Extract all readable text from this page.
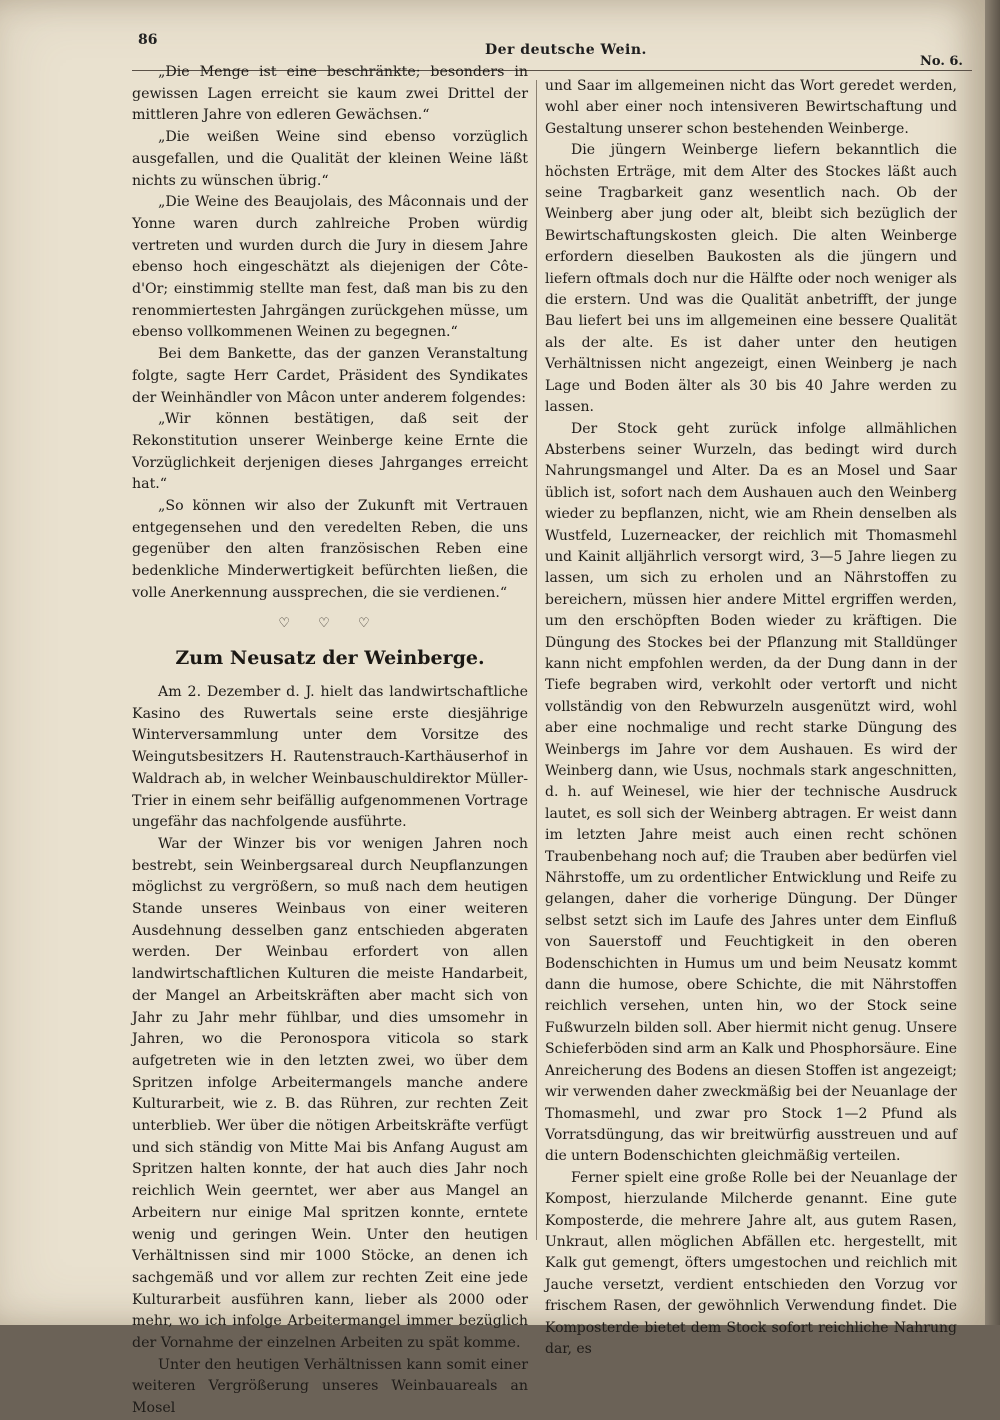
86
Der deutsche Wein.
No. 6.

„Die Menge ist eine beschränkte; besonders in gewissen Lagen erreicht sie kaum zwei Drittel der mittleren Jahre von edleren Gewächsen.“

„Die weißen Weine sind ebenso vorzüglich ausgefallen, und die Qualität der kleinen Weine läßt nichts zu wünschen übrig.“

„Die Weine des Beaujolais, des Mâconnais und der Yonne waren durch zahlreiche Proben würdig vertreten und wurden durch die Jury in diesem Jahre ebenso hoch eingeschätzt als diejenigen der Côte-d'Or; einstimmig stellte man fest, daß man bis zu den renommiertesten Jahrgängen zurückgehen müsse, um ebenso vollkommenen Weinen zu begegnen.“

Bei dem Bankette, das der ganzen Veranstaltung folgte, sagte Herr Cardet, Präsident des Syndikates der Weinhändler von Mâcon unter anderem folgendes:

„Wir können bestätigen, daß seit der Rekonstitution unserer Weinberge keine Ernte die Vorzüglichkeit derjenigen dieses Jahrganges erreicht hat.“

„So können wir also der Zukunft mit Vertrauen entgegensehen und den veredelten Reben, die uns gegenüber den alten französischen Reben eine bedenkliche Minderwertigkeit befürchten ließen, die volle Anerkennung aussprechen, die sie verdienen.“

♡ ♡ ♡
Zum Neusatz der Weinberge.

Am 2. Dezember d. J. hielt das landwirtschaftliche Kasino des Ruwertals seine erste diesjährige Winterversammlung unter dem Vorsitze des Weingutsbesitzers H. Rautenstrauch-Karthäuserhof in Waldrach ab, in welcher Weinbauschuldirektor Müller-Trier in einem sehr beifällig aufgenommenen Vortrage ungefähr das nachfolgende ausführte.

War der Winzer bis vor wenigen Jahren noch bestrebt, sein Weinbergsareal durch Neupflanzungen möglichst zu vergrößern, so muß nach dem heutigen Stande unseres Weinbaus von einer weiteren Ausdehnung desselben ganz entschieden abgeraten werden. Der Weinbau erfordert von allen landwirtschaftlichen Kulturen die meiste Handarbeit, der Mangel an Arbeitskräften aber macht sich von Jahr zu Jahr mehr fühlbar, und dies umsomehr in Jahren, wo die Peronospora viticola so stark aufgetreten wie in den letzten zwei, wo über dem Spritzen infolge Arbeitermangels manche andere Kulturarbeit, wie z. B. das Rühren, zur rechten Zeit unterblieb. Wer über die nötigen Arbeitskräfte verfügt und sich ständig von Mitte Mai bis Anfang August am Spritzen halten konnte, der hat auch dies Jahr noch reichlich Wein geerntet, wer aber aus Mangel an Arbeitern nur einige Mal spritzen konnte, erntete wenig und geringen Wein. Unter den heutigen Verhältnissen sind mir 1000 Stöcke, an denen ich sachgemäß und vor allem zur rechten Zeit eine jede Kulturarbeit ausführen kann, lieber als 2000 oder mehr, wo ich infolge Arbeitermangel immer bezüglich der Vornahme der einzelnen Arbeiten zu spät komme.

Unter den heutigen Verhältnissen kann somit einer weiteren Vergrößerung unseres Weinbauareals an Mosel

und Saar im allgemeinen nicht das Wort geredet werden, wohl aber einer noch intensiveren Bewirtschaftung und Gestaltung unserer schon bestehenden Weinberge.

Die jüngern Weinberge liefern bekanntlich die höchsten Erträge, mit dem Alter des Stockes läßt auch seine Tragbarkeit ganz wesentlich nach. Ob der Weinberg aber jung oder alt, bleibt sich bezüglich der Bewirtschaftungskosten gleich. Die alten Weinberge erfordern dieselben Baukosten als die jüngern und liefern oftmals doch nur die Hälfte oder noch weniger als die erstern. Und was die Qualität anbetrifft, der junge Bau liefert bei uns im allgemeinen eine bessere Qualität als der alte. Es ist daher unter den heutigen Verhältnissen nicht angezeigt, einen Weinberg je nach Lage und Boden älter als 30 bis 40 Jahre werden zu lassen.

Der Stock geht zurück infolge allmählichen Absterbens seiner Wurzeln, das bedingt wird durch Nahrungsmangel und Alter. Da es an Mosel und Saar üblich ist, sofort nach dem Aushauen auch den Weinberg wieder zu bepflanzen, nicht, wie am Rhein denselben als Wustfeld, Luzerneacker, der reichlich mit Thomasmehl und Kainit alljährlich versorgt wird, 3—5 Jahre liegen zu lassen, um sich zu erholen und an Nährstoffen zu bereichern, müssen hier andere Mittel ergriffen werden, um den erschöpften Boden wieder zu kräftigen. Die Düngung des Stockes bei der Pflanzung mit Stalldünger kann nicht empfohlen werden, da der Dung dann in der Tiefe begraben wird, verkohlt oder vertorft und nicht vollständig von den Rebwurzeln ausgenützt wird, wohl aber eine nochmalige und recht starke Düngung des Weinbergs im Jahre vor dem Aushauen. Es wird der Weinberg dann, wie Usus, nochmals stark angeschnitten, d. h. auf Weinesel, wie hier der technische Ausdruck lautet, es soll sich der Weinberg abtragen. Er weist dann im letzten Jahre meist auch einen recht schönen Traubenbehang noch auf; die Trauben aber bedürfen viel Nährstoffe, um zu ordentlicher Entwicklung und Reife zu gelangen, daher die vorherige Düngung. Der Dünger selbst setzt sich im Laufe des Jahres unter dem Einfluß von Sauerstoff und Feuchtigkeit in den oberen Bodenschichten in Humus um und beim Neusatz kommt dann die humose, obere Schichte, die mit Nährstoffen reichlich versehen, unten hin, wo der Stock seine Fußwurzeln bilden soll. Aber hiermit nicht genug. Unsere Schieferböden sind arm an Kalk und Phosphorsäure. Eine Anreicherung des Bodens an diesen Stoffen ist angezeigt; wir verwenden daher zweckmäßig bei der Neuanlage der Thomasmehl, und zwar pro Stock 1—2 Pfund als Vorratsdüngung, das wir breitwürfig ausstreuen und auf die untern Bodenschichten gleichmäßig verteilen.

Ferner spielt eine große Rolle bei der Neuanlage der Kompost, hierzulande Milcherde genannt. Eine gute Komposterde, die mehrere Jahre alt, aus gutem Rasen, Unkraut, allen möglichen Abfällen etc. hergestellt, mit Kalk gut gemengt, öfters umgestochen und reichlich mit Jauche versetzt, verdient entschieden den Vorzug vor frischem Rasen, der gewöhnlich Verwendung findet. Die Komposterde bietet dem Stock sofort reichliche Nahrung dar, es
